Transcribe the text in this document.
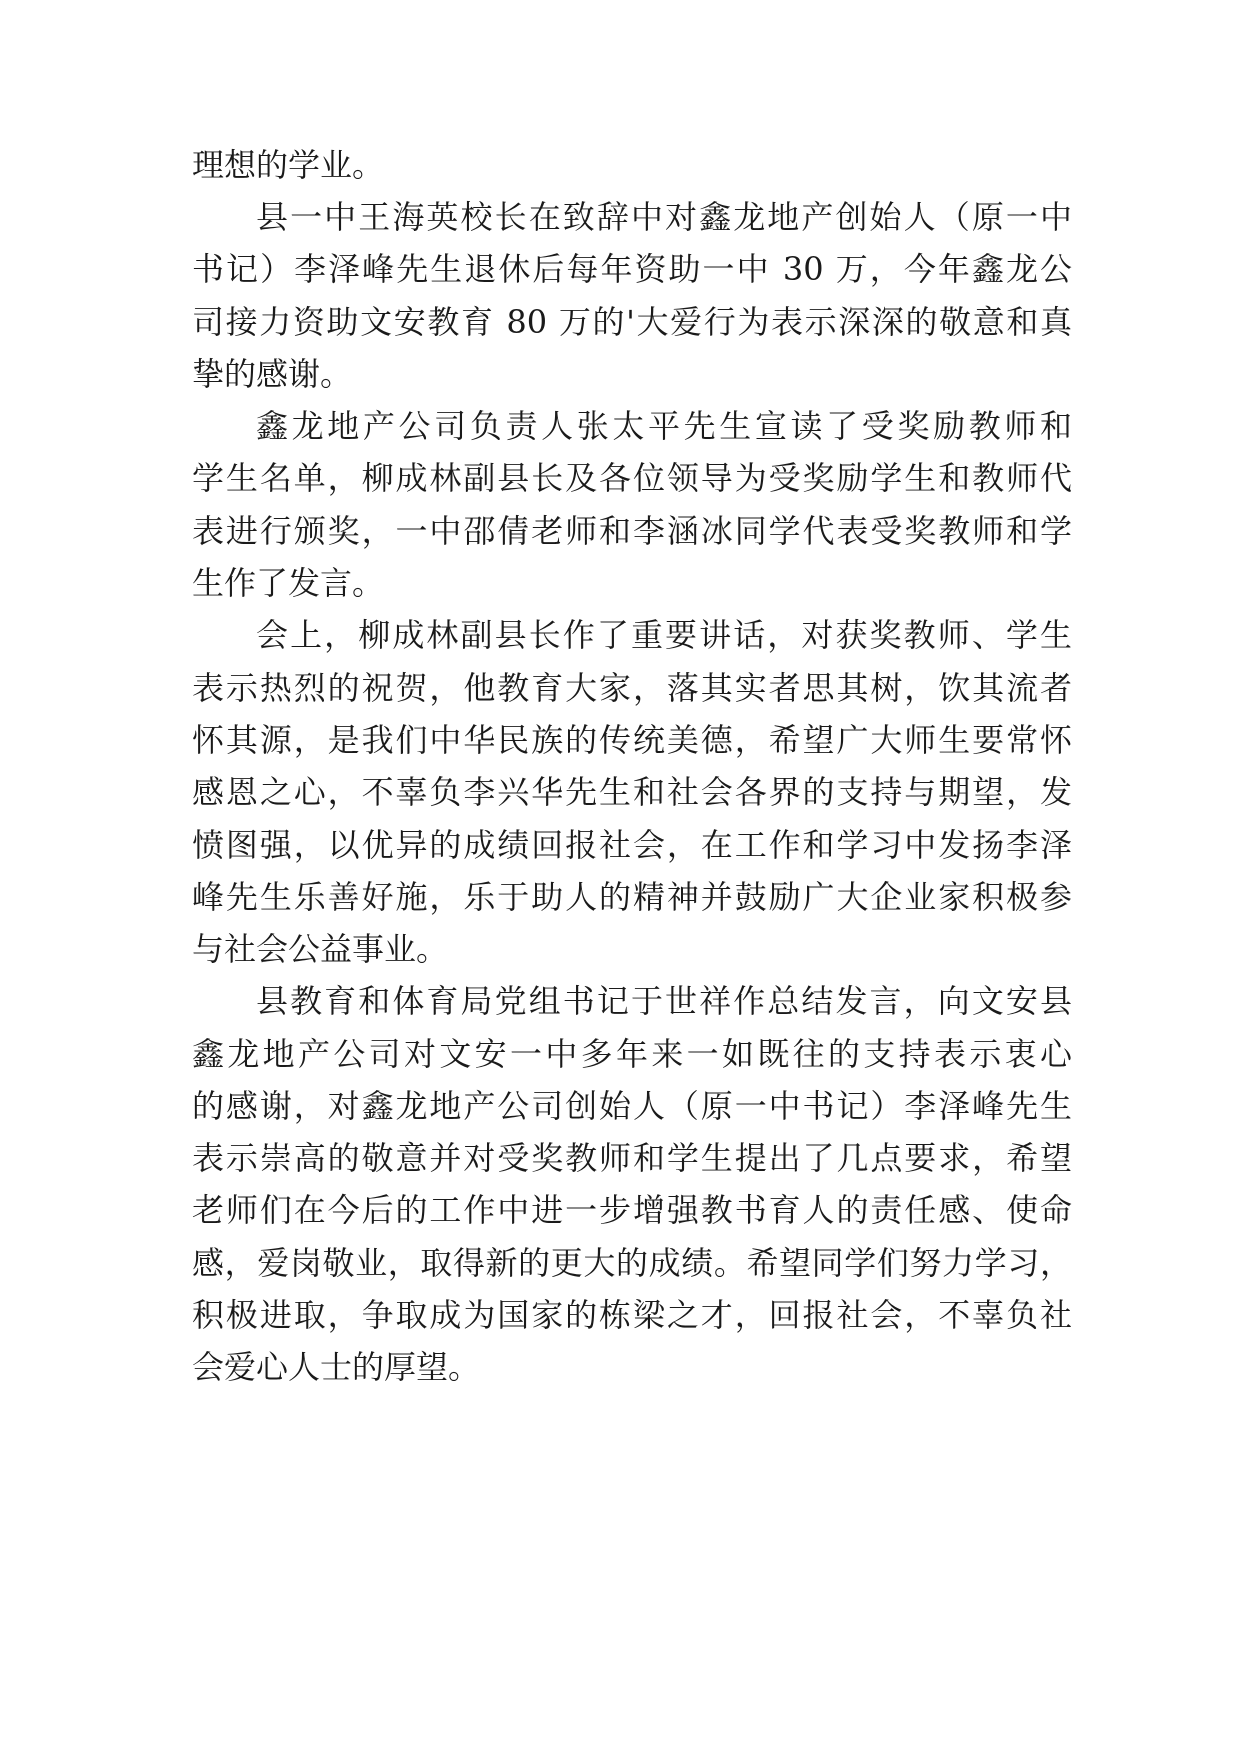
理想的学业。
县一中王海英校长在致辞中对鑫龙地产创始人（原一中
书记）李泽峰先生退休后每年资助一中 30 万，今年鑫龙公
司接力资助文安教育 80 万的'大爱行为表示深深的敬意和真
挚的感谢。
鑫龙地产公司负责人张太平先生宣读了受奖励教师和
学生名单，柳成林副县长及各位领导为受奖励学生和教师代
表进行颁奖，一中邵倩老师和李涵冰同学代表受奖教师和学
生作了发言。
会上，柳成林副县长作了重要讲话，对获奖教师、学生
表示热烈的祝贺，他教育大家，落其实者思其树，饮其流者
怀其源，是我们中华民族的传统美德，希望广大师生要常怀
感恩之心，不辜负李兴华先生和社会各界的支持与期望，发
愤图强，以优异的成绩回报社会，在工作和学习中发扬李泽
峰先生乐善好施，乐于助人的精神并鼓励广大企业家积极参
与社会公益事业。
县教育和体育局党组书记于世祥作总结发言，向文安县
鑫龙地产公司对文安一中多年来一如既往的支持表示衷心
的感谢，对鑫龙地产公司创始人（原一中书记）李泽峰先生
表示崇高的敬意并对受奖教师和学生提出了几点要求，希望
老师们在今后的工作中进一步增强教书育人的责任感、使命
感，爱岗敬业，取得新的更大的成绩。希望同学们努力学习，
积极进取，争取成为国家的栋梁之才，回报社会，不辜负社
会爱心人士的厚望。
